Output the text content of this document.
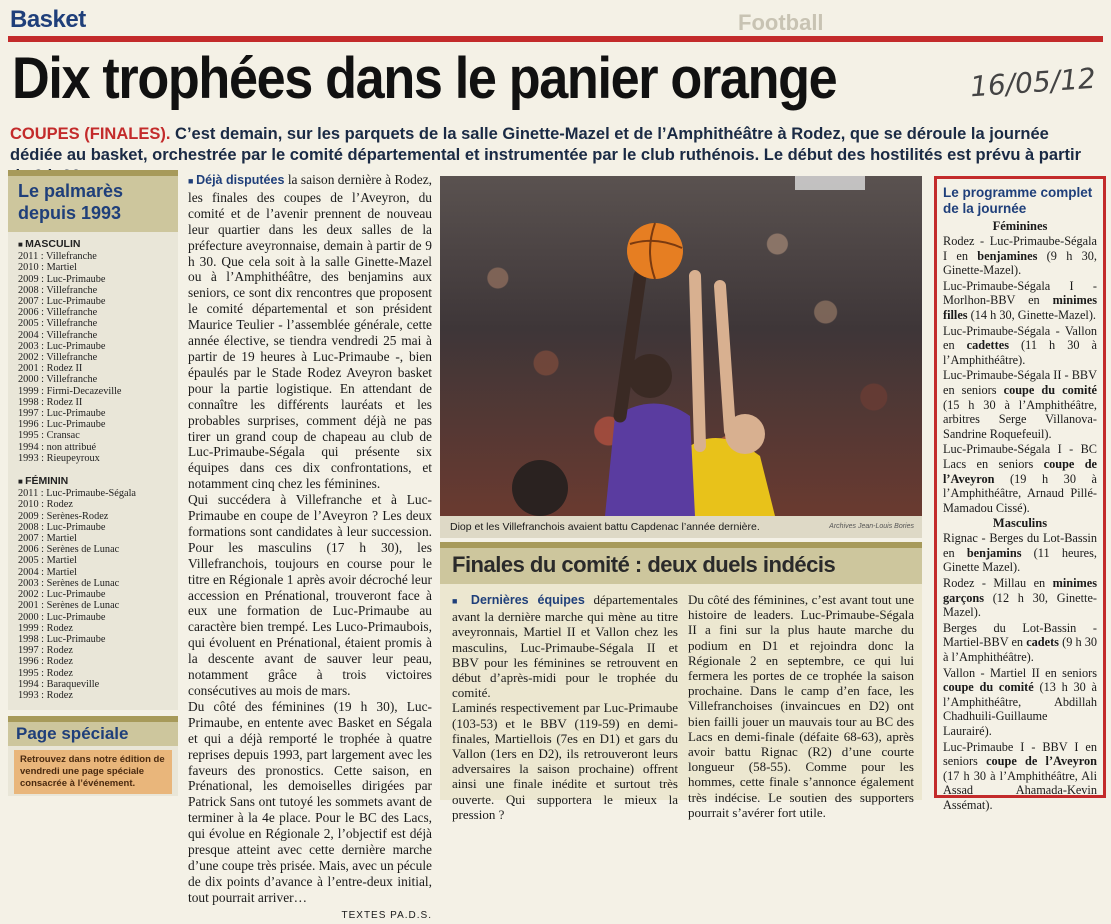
Basket	Football
Dix trophées dans le panier orange	16/05/12
COUPES (FINALES). C’est demain, sur les parquets de la salle Ginette-Mazel et de l’Amphithéâtre à Rodez, que se déroule la journée dédiée au basket, orchestrée par le comité départemental et instrumentée par le club ruthénois. Le début des hostilités est prévu à partir
Le palmarès depuis 1993
■ MASCULIN
2011 : Villefranche
2010 : Martiel
2009 : Luc-Primaube
2008 : Villefranche
2007 : Luc-Primaube
2006 : Villefranche
2005 : Villefranche
2004 : Villefranche
2003 : Luc-Primaube
2002 : Villefranche
2001 : Rodez II
2000 : Villefranche
1999 : Firmi-Decazeville
1998 : Rodez II
1997 : Luc-Primaube
1996 : Luc-Primaube
1995 : Cransac
1994 : non attribué
1993 : Rieupeyroux
■ FÉMININ
2011 : Luc-Primaube-Ségala
2010 : Rodez
2009 : Serènes-Rodez
2008 : Luc-Primaube
2007 : Martiel
2006 : Serènes de Lunac
2005 : Martiel
2004 : Martiel
2003 : Serènes de Lunac
2002 : Luc-Primaube
2001 : Serènes de Lunac
2000 : Luc-Primaube
1999 : Rodez
1998 : Luc-Primaube
1997 : Rodez
1996 : Rodez
1995 : Rodez
1994 : Baraqueville
1993 : Rodez
Page spéciale
Retrouvez dans notre édition de vendredi une page spéciale consacrée à l’événement.

■ Déjà disputées la saison dernière à Rodez, les finales des coupes de l’Aveyron, du comité et de l’avenir prennent de nouveau leur quartier dans les deux salles de la préfecture aveyronnaise, demain à partir de 9 h 30. Que cela soit à la salle Ginette-Mazel ou à l’Amphithéâtre, des benjamins aux seniors, ce sont dix rencontres que proposent le comité départemental et son président Maurice Teulier - l’assemblée générale, cette année élective, se tiendra vendredi 25 mai à partir de 19 heures à Luc-Primaube -, bien épaulés par le Stade Rodez Aveyron basket pour la partie logistique. En attendant de connaître les différents lauréats et les probables surprises, comment déjà ne pas tirer un grand coup de chapeau au club de Luc-Primaube-Ségala qui présente six équipes dans ces dix confrontations, et notamment cinq chez les féminines.

Qui succédera à Villefranche et à Luc-Primaube en coupe de l’Aveyron ? Les deux formations sont candidates à leur succession. Pour les masculins (17 h 30), les Villefranchois, toujours en course pour le titre en Régionale 1 après avoir décroché leur accession en Prénational, trouveront face à eux une formation de Luc-Primaube au caractère bien trempé. Les Luco-Primaubois, qui évoluent en Prénational, étaient promis à la descente avant de sauver leur peau, notamment grâce à trois victoires consécutives au mois de mars.

Du côté des féminines (19 h 30), Luc-Primaube, en entente avec Basket en Ségala et qui a déjà remporté le trophée à quatre reprises depuis 1993, part largement avec les faveurs des pronostics. Cette saison, en Prénational, les demoiselles dirigées par Patrick Sans ont tutoyé les sommets avant de terminer à la 4e place. Pour le BC des Lacs, qui évolue en Régionale 2, l’objectif est déjà presque atteint avec cette dernière marche d’une coupe très prisée. Mais, avec un pécule de dix points d’avance à l’entre-deux initial, tout pourrait arriver…

TEXTES PA.D.S.

Diop et les Villefranchois avaient battu Capdenac l’année dernière.	Archives Jean-Louis Bories
Finales du comité : deux duels indécis

■ Dernières équipes départementales avant la dernière marche qui mène au titre aveyronnais, Martiel II et Vallon chez les masculins, Luc-Primaube-Ségala II et BBV pour les féminines se retrouvent en début d’après-midi pour le trophée du comité.

Laminés respectivement par Luc-Primaube (103-53) et le BBV (119-59) en demi-finales, Martiellois (7es en D1) et gars du Vallon (1ers en D2), ils retrouveront leurs adversaires la saison prochaine) offrent ainsi une finale inédite et surtout très ouverte. Qui supportera le mieux la pression ?

Du côté des féminines, c’est avant tout une histoire de leaders. Luc-Primaube-Ségala II a fini sur la plus haute marche du podium en D1 et rejoindra donc la Régionale 2 en septembre, ce qui lui fermera les portes de ce trophée la saison prochaine. Dans le camp d’en face, les Villefranchoises (invaincues en D2) ont bien failli jouer un mauvais tour au BC des Lacs en demi-finale (défaite 68-63), après avoir battu Rignac (R2) d’une courte longueur (58-55). Comme pour les hommes, cette finale s’annonce également très indécise. Le soutien des supporters pourrait s’avérer fort utile.

Le programme complet de la journée
Féminines
Rodez - Luc-Primaube-Ségala I en benjamines (9 h 30, Ginette-Mazel).
Luc-Primaube-Ségala I - Morlhon-BBV en minimes filles (14 h 30, Ginette-Mazel).
Luc-Primaube-Ségala - Vallon en cadettes (11 h 30 à l’Amphithéâtre).
Luc-Primaube-Ségala II - BBV en seniors coupe du comité (15 h 30 à l’Amphithéâtre, arbitres Serge Villanova-Sandrine Roquefeuil).
Luc-Primaube-Ségala I - BC Lacs en seniors coupe de l’Aveyron (19 h 30 à l’Amphithéâtre, Arnaud Pillé-Mamadou Cissé).
Masculins
Rignac - Berges du Lot-Bassin en benjamins (11 heures, Ginette Mazel).
Rodez - Millau en minimes garçons (12 h 30, Ginette-Mazel).
Berges du Lot-Bassin - Martiel-BBV en cadets (9 h 30 à l’Amphithéâtre).
Vallon - Martiel II en seniors coupe du comité (13 h 30 à l’Amphithéâtre, Abdillah Chadhuili-Guillaume Laurairé).
Luc-Primaube I - BBV I en seniors coupe de l’Aveyron (17 h 30 à l’Amphithéâtre, Ali Assad Ahamada-Kevin Assémat).
